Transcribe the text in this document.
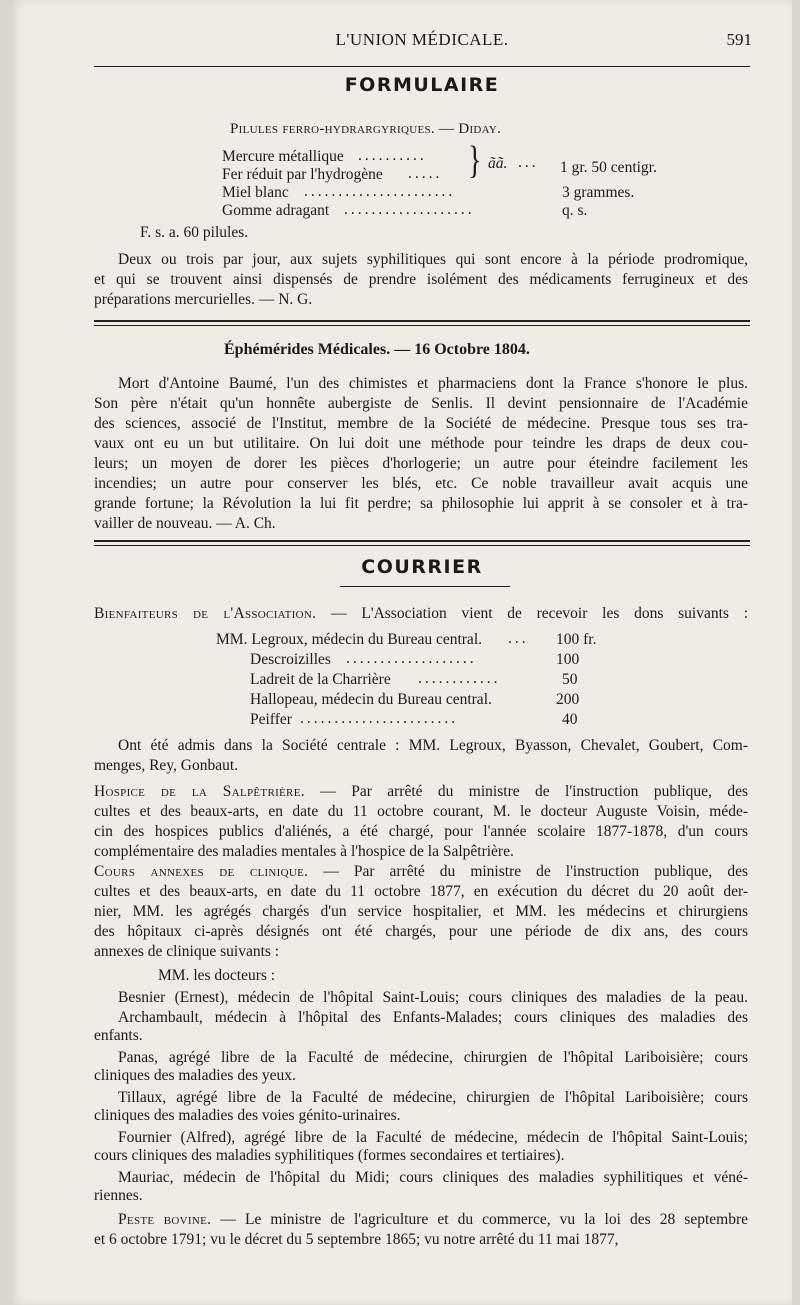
L'UNION MÉDICALE.	591
FORMULAIRE
Pilules ferro-hydrargyriques. — Diday.
Mercure métallique ..........
Fer réduit par l'hydrogène ..... } ãã. ...	1 gr. 50 centigr.
Miel blanc ......................	3 grammes.
Gomme adragant ...................	q. s.
F. s. a. 60 pilules.
Deux ou trois par jour, aux sujets syphilitiques qui sont encore à la période prodromique,
et qui se trouvent ainsi dispensés de prendre isolément des médicaments ferrugineux et des
préparations mercurielles. — N. G.
Éphémérides Médicales. — 16 Octobre 1804.
Mort d'Antoine Baumé, l'un des chimistes et pharmaciens dont la France s'honore le plus.
Son père n'était qu'un honnête aubergiste de Senlis. Il devint pensionnaire de l'Académie
des sciences, associé de l'Institut, membre de la Société de médecine. Presque tous ses tra-
vaux ont eu un but utilitaire. On lui doit une méthode pour teindre les draps de deux cou-
leurs; un moyen de dorer les pièces d'horlogerie; un autre pour éteindre facilement les
incendies; un autre pour conserver les blés, etc. Ce noble travailleur avait acquis une
grande fortune; la Révolution la lui fit perdre; sa philosophie lui apprit à se consoler et à tra-
vailler de nouveau. — A. Ch.
COURRIER
Bienfaiteurs de l'Association. — L'Association vient de recevoir les dons suivants :
MM. Legroux, médecin du Bureau central. ...	100 fr.
Descroizilles ...................	100
Ladreit de la Charrière ............	50
Hallopeau, médecin du Bureau central.	200
Peiffer .......................	40
Ont été admis dans la Société centrale : MM. Legroux, Byasson, Chevalet, Goubert, Com-
menges, Rey, Gonbaut.
Hospice de la Salpêtrière. — Par arrêté du ministre de l'instruction publique, des
cultes et des beaux-arts, en date du 11 octobre courant, M. le docteur Auguste Voisin, méde-
cin des hospices publics d'aliénés, a été chargé, pour l'année scolaire 1877-1878, d'un cours
complémentaire des maladies mentales à l'hospice de la Salpêtrière.
Cours annexes de clinique. — Par arrêté du ministre de l'instruction publique, des
cultes et des beaux-arts, en date du 11 octobre 1877, en exécution du décret du 20 août der-
nier, MM. les agrégés chargés d'un service hospitalier, et MM. les médecins et chirurgiens
des hôpitaux ci-après désignés ont été chargés, pour une période de dix ans, des cours
annexes de clinique suivants :
MM. les docteurs :
Besnier (Ernest), médecin de l'hôpital Saint-Louis; cours cliniques des maladies de la peau.
Archambault, médecin à l'hôpital des Enfants-Malades; cours cliniques des maladies des
enfants.
Panas, agrégé libre de la Faculté de médecine, chirurgien de l'hôpital Lariboisière; cours
cliniques des maladies des yeux.
Tillaux, agrégé libre de la Faculté de médecine, chirurgien de l'hôpital Lariboisière; cours
cliniques des maladies des voies génito-urinaires.
Fournier (Alfred), agrégé libre de la Faculté de médecine, médecin de l'hôpital Saint-Louis;
cours cliniques des maladies syphilitiques (formes secondaires et tertiaires).
Mauriac, médecin de l'hôpital du Midi; cours cliniques des maladies syphilitiques et véné-
riennes.
Peste bovine. — Le ministre de l'agriculture et du commerce, vu la loi des 28 septembre
et 6 octobre 1791; vu le décret du 5 septembre 1865; vu notre arrêté du 11 mai 1877,
